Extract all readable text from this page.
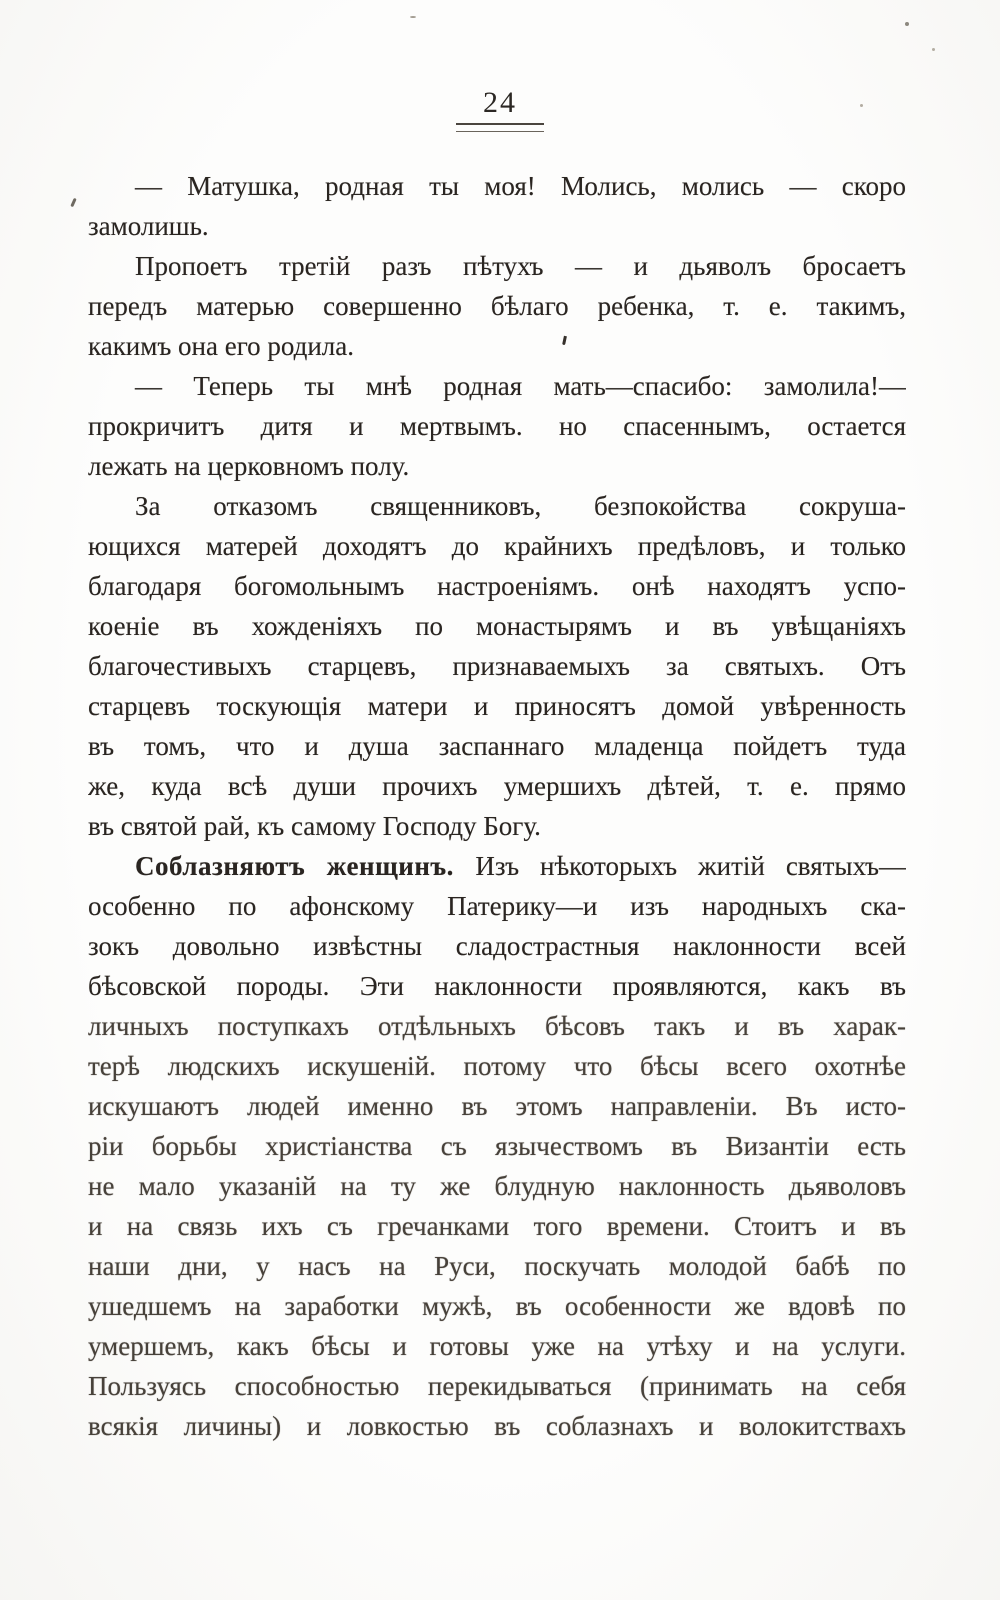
24
— Матушка, родная ты моя! Молись, молись — скоро
замолишь.
Пропоетъ третій разъ пѣтухъ — и дьяволъ бросаетъ
передъ матерью совершенно бѣлаго ребенка, т. е. такимъ,
какимъ она его родила.
— Теперь ты мнѣ родная мать—спасибо: замолила!—
прокричитъ дитя и мертвымъ. но спасеннымъ, остается
лежать на церковномъ полу.
За отказомъ священниковъ, безпокойства сокруша-
ющихся матерей доходятъ до крайнихъ предѣловъ, и только
благодаря богомольнымъ настроеніямъ. онѣ находятъ успо-
коеніе въ хожденіяхъ по монастырямъ и въ увѣщаніяхъ
благочестивыхъ старцевъ, признаваемыхъ за святыхъ. Отъ
старцевъ тоскующія матери и приносятъ домой увѣренность
въ томъ, что и душа заспаннаго младенца пойдетъ туда
же, куда всѣ души прочихъ умершихъ дѣтей, т. е. прямо
въ святой рай, къ самому Господу Богу.
Соблазняютъ женщинъ. Изъ нѣкоторыхъ житій святыхъ—
особенно по афонскому Патерику—и изъ народныхъ ска-
зокъ довольно извѣстны сладострастныя наклонности всей
бѣсовской породы. Эти наклонности проявляются, какъ въ
личныхъ поступкахъ отдѣльныхъ бѣсовъ такъ и въ харак-
терѣ людскихъ искушеній. потому что бѣсы всего охотнѣе
искушаютъ людей именно въ этомъ направленіи. Въ исто-
ріи борьбы христіанства съ язычествомъ въ Византіи есть
не мало указаній на ту же блудную наклонность дьяволовъ
и на связь ихъ съ гречанками того времени. Стоитъ и въ
наши дни, у насъ на Руси, поскучать молодой бабѣ по
ушедшемъ на заработки мужѣ, въ особенности же вдовѣ по
умершемъ, какъ бѣсы и готовы уже на утѣху и на услуги.
Пользуясь способностью перекидываться (принимать на себя
всякія личины) и ловкостью въ соблазнахъ и волокитствахъ
